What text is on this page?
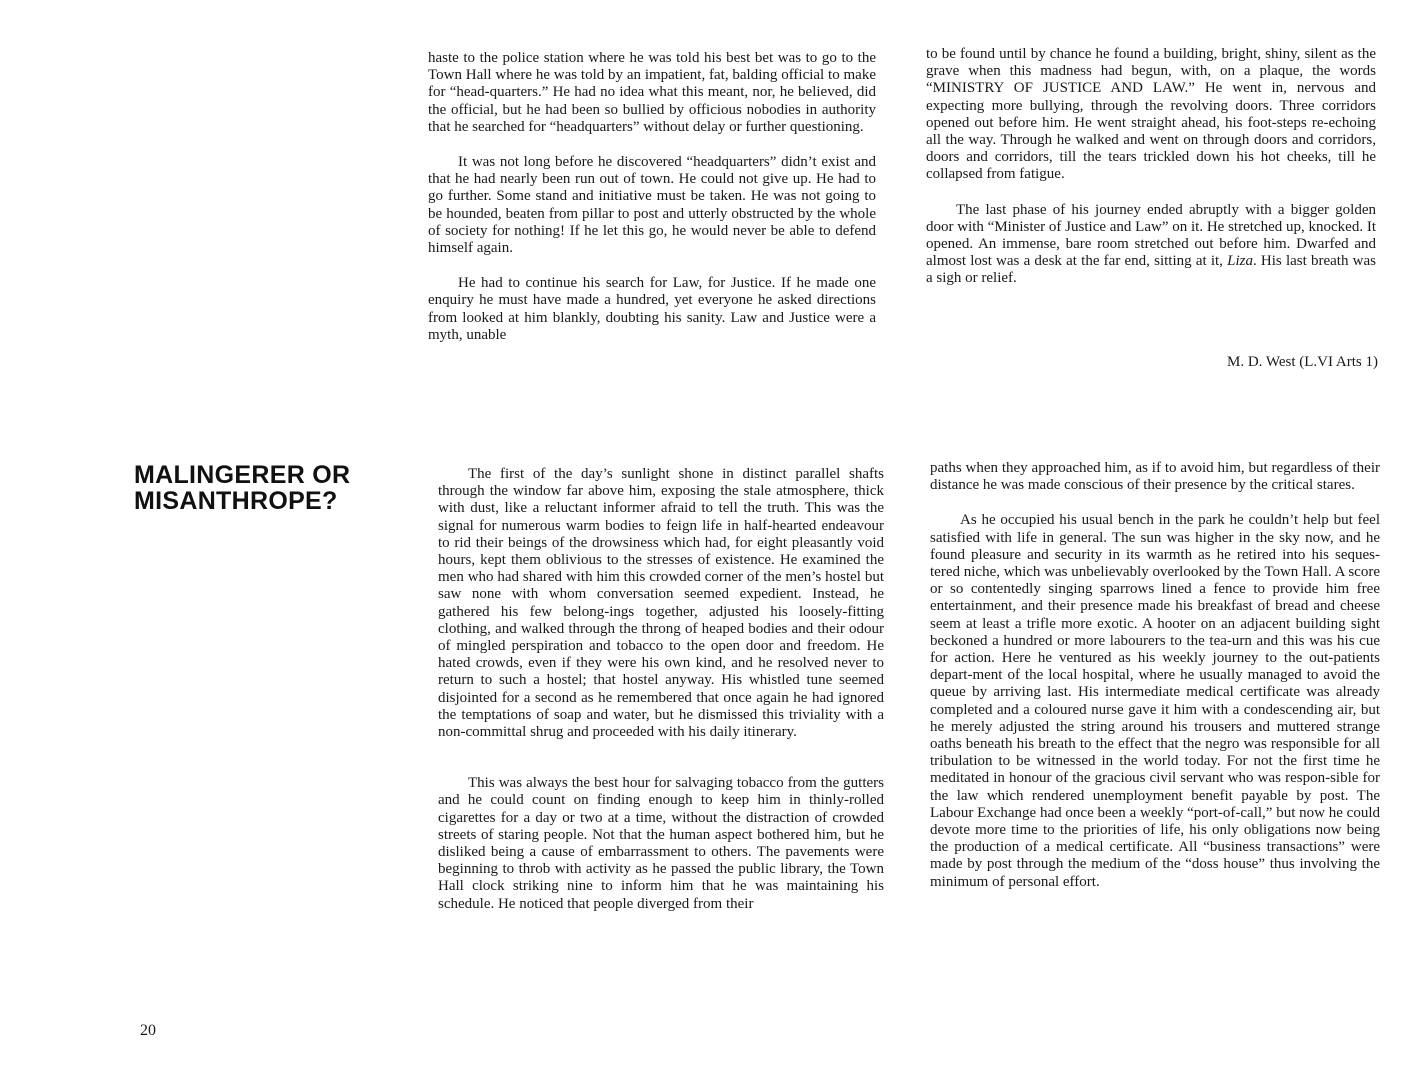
haste to the police station where he was told his best bet was to go to the Town Hall where he was told by an impatient, fat, balding official to make for “head-quarters.” He had no idea what this meant, nor, he believed, did the official, but he had been so bullied by officious nobodies in authority that he searched for “headquarters” without delay or further questioning.

It was not long before he discovered “headquarters” didn’t exist and that he had nearly been run out of town. He could not give up. He had to go further. Some stand and initiative must be taken. He was not going to be hounded, beaten from pillar to post and utterly obstructed by the whole of society for nothing! If he let this go, he would never be able to defend himself again.

He had to continue his search for Law, for Justice. If he made one enquiry he must have made a hundred, yet everyone he asked directions from looked at him blankly, doubting his sanity. Law and Justice were a myth, unable

to be found until by chance he found a building, bright, shiny, silent as the grave when this madness had begun, with, on a plaque, the words “MINISTRY OF JUSTICE AND LAW.” He went in, nervous and expecting more bullying, through the revolving doors. Three corridors opened out before him. He went straight ahead, his foot-steps re-echoing all the way. Through he walked and went on through doors and corridors, doors and corridors, till the tears trickled down his hot cheeks, till he collapsed from fatigue.

The last phase of his journey ended abruptly with a bigger golden door with “Minister of Justice and Law” on it. He stretched up, knocked. It opened. An immense, bare room stretched out before him. Dwarfed and almost lost was a desk at the far end, sitting at it, Liza. His last breath was a sigh or relief.

M. D. West (L.VI Arts 1)
MALINGERER OR MISANTHROPE?

The first of the day’s sunlight shone in distinct parallel shafts through the window far above him, exposing the stale atmosphere, thick with dust, like a reluctant informer afraid to tell the truth. This was the signal for numerous warm bodies to feign life in half-hearted endeavour to rid their beings of the drowsiness which had, for eight pleasantly void hours, kept them oblivious to the stresses of existence. He examined the men who had shared with him this crowded corner of the men’s hostel but saw none with whom conversation seemed expedient. Instead, he gathered his few belong-ings together, adjusted his loosely-fitting clothing, and walked through the throng of heaped bodies and their odour of mingled perspiration and tobacco to the open door and freedom. He hated crowds, even if they were his own kind, and he resolved never to return to such a hostel; that hostel anyway. His whistled tune seemed disjointed for a second as he remembered that once again he had ignored the temptations of soap and water, but he dismissed this triviality with a non-committal shrug and proceeded with his daily itinerary.

This was always the best hour for salvaging tobacco from the gutters and he could count on finding enough to keep him in thinly-rolled cigarettes for a day or two at a time, without the distraction of crowded streets of staring people. Not that the human aspect bothered him, but he disliked being a cause of embarrassment to others. The pavements were beginning to throb with activity as he passed the public library, the Town Hall clock striking nine to inform him that he was maintaining his schedule. He noticed that people diverged from their

paths when they approached him, as if to avoid him, but regardless of their distance he was made conscious of their presence by the critical stares.

As he occupied his usual bench in the park he couldn’t help but feel satisfied with life in general. The sun was higher in the sky now, and he found pleasure and security in its warmth as he retired into his seques-tered niche, which was unbelievably overlooked by the Town Hall. A score or so contentedly singing sparrows lined a fence to provide him free entertainment, and their presence made his breakfast of bread and cheese seem at least a trifle more exotic. A hooter on an adjacent building sight beckoned a hundred or more labourers to the tea-urn and this was his cue for action. Here he ventured as his weekly journey to the out-patients depart-ment of the local hospital, where he usually managed to avoid the queue by arriving last. His intermediate medical certificate was already completed and a coloured nurse gave it him with a condescending air, but he merely adjusted the string around his trousers and muttered strange oaths beneath his breath to the effect that the negro was responsible for all tribulation to be witnessed in the world today. For not the first time he meditated in honour of the gracious civil servant who was respon-sible for the law which rendered unemployment benefit payable by post. The Labour Exchange had once been a weekly “port-of-call,” but now he could devote more time to the priorities of life, his only obligations now being the production of a medical certificate. All “business transactions” were made by post through the medium of the “doss house” thus involving the minimum of personal effort.

20
